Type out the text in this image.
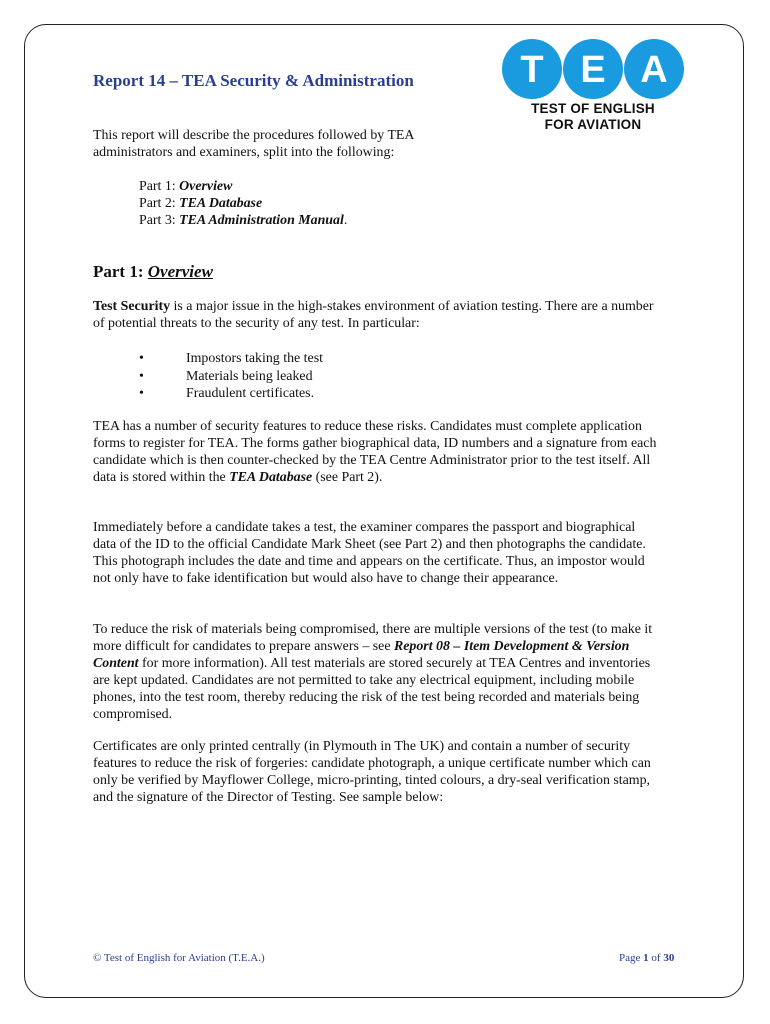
Report 14 – TEA Security & Administration	T E A
TEST OF ENGLISH
FOR AVIATION
This report will describe the procedures followed by TEA administrators and examiners, split into the following:
Part 1: Overview
Part 2: TEA Database
Part 3: TEA Administration Manual.
Part 1: Overview
Test Security is a major issue in the high-stakes environment of aviation testing. There are a number of potential threats to the security of any test. In particular:
•	Impostors taking the test
•	Materials being leaked
•	Fraudulent certificates.
TEA has a number of security features to reduce these risks. Candidates must complete application forms to register for TEA. The forms gather biographical data, ID numbers and a signature from each candidate which is then counter-checked by the TEA Centre Administrator prior to the test itself. All data is stored within the TEA Database (see Part 2).
Immediately before a candidate takes a test, the examiner compares the passport and biographical data of the ID to the official Candidate Mark Sheet (see Part 2) and then photographs the candidate. This photograph includes the date and time and appears on the certificate. Thus, an impostor would not only have to fake identification but would also have to change their appearance.
To reduce the risk of materials being compromised, there are multiple versions of the test (to make it more difficult for candidates to prepare answers – see Report 08 – Item Development & Version Content for more information). All test materials are stored securely at TEA Centres and inventories are kept updated. Candidates are not permitted to take any electrical equipment, including mobile phones, into the test room, thereby reducing the risk of the test being recorded and materials being compromised.
Certificates are only printed centrally (in Plymouth in The UK) and contain a number of security features to reduce the risk of forgeries: candidate photograph, a unique certificate number which can only be verified by Mayflower College, micro-printing, tinted colours, a dry-seal verification stamp, and the signature of the Director of Testing. See sample below:
© Test of English for Aviation (T.E.A.)	Page 1 of 30
